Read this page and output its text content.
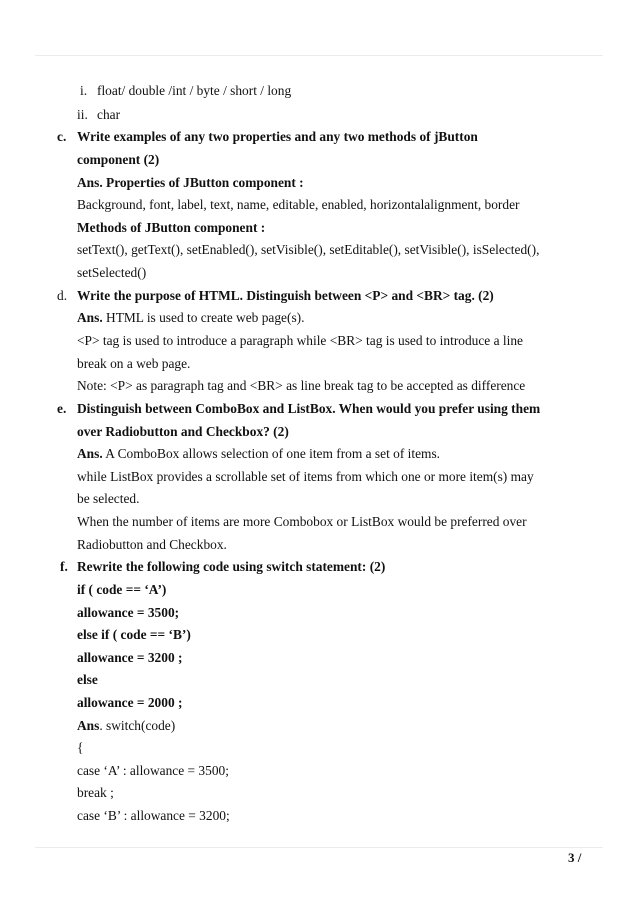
i. float/ double /int / byte / short / long
ii. char
c. Write examples of any two properties and any two methods of jButton
component (2)
Ans. Properties of JButton component :
Background, font, label, text, name, editable, enabled, horizontalalignment, border
Methods of JButton component :
setText(), getText(), setEnabled(), setVisible(), setEditable(), setVisible(), isSelected(),
setSelected()
d. Write the purpose of HTML. Distinguish between <P> and <BR> tag. (2)
Ans. HTML is used to create web page(s).
<P> tag is used to introduce a paragraph while <BR> tag is used to introduce a line
break on a web page.
Note: <P> as paragraph tag and <BR> as line break tag to be accepted as difference
e. Distinguish between ComboBox and ListBox. When would you prefer using them
over Radiobutton and Checkbox? (2)
Ans. A ComboBox allows selection of one item from a set of items.
while ListBox provides a scrollable set of items from which one or more item(s) may
be selected.
When the number of items are more Combobox or ListBox would be preferred over
Radiobutton and Checkbox.
f. Rewrite the following code using switch statement: (2)
if ( code == ‘A’)
allowance = 3500;
else if ( code == ‘B’)
allowance = 3200 ;
else
allowance = 2000 ;
Ans. switch(code)
{
case ‘A’ : allowance = 3500;
break ;
case ‘B’ : allowance = 3200;
3 /
